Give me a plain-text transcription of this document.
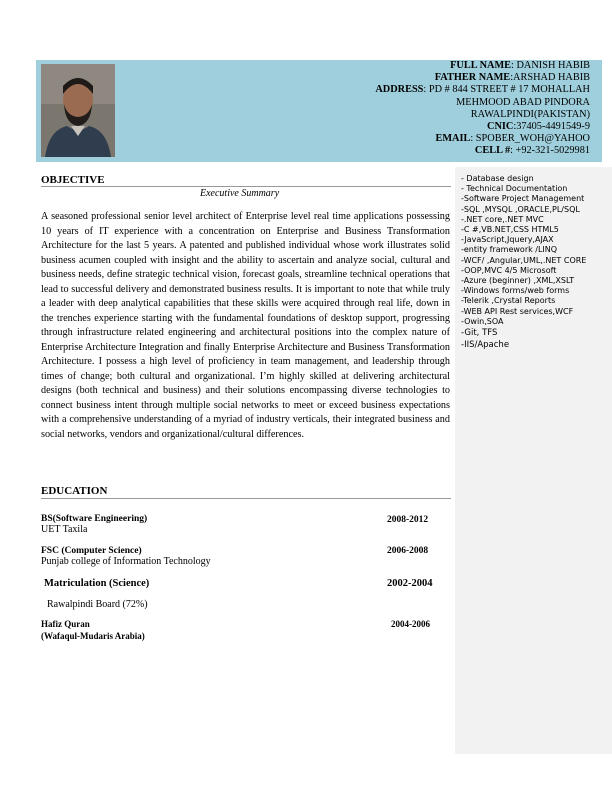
FULL NAME: DANISH HABIB
FATHER NAME:ARSHAD HABIB
ADDRESS: PD # 844 STREET # 17 MOHALLAH
MEHMOOD ABAD PINDORA
RAWALPINDI(PAKISTAN)
CNIC:37405-4491549-9
EMAIL: SPOBER_WOH@YAHOO
CELL #: +92-321-5029981
OBJECTIVE
Executive Summary
A seasoned professional senior level architect of Enterprise level real time applications possessing 10 years of IT experience with a concentration on Enterprise and Business Transformation Architecture for the last 5 years. A patented and published individual whose work illustrates solid business acumen coupled with insight and the ability to ascertain and analyze social, cultural and business needs, define strategic technical vision, forecast goals, streamline technical operations that lead to successful delivery and demonstrated business results. It is important to note that while truly a leader with deep analytical capabilities that these skills were acquired through real life, down in the trenches experience starting with the fundamental foundations of desktop support, progressing through infrastructure related engineering and architectural positions into the complex nature of Enterprise Architecture Integration and finally Enterprise Architecture and Business Transformation Architecture. I possess a high level of proficiency in team management, and leadership through times of change; both cultural and organizational. I’m highly skilled at delivering architectural designs (both technical and business) and their solutions encompassing diverse technologies to connect business intent through multiple social networks to meet or exceed business expectations with a comprehensive understanding of a myriad of industry verticals, their integrated business and social networks, vendors and organizational/cultural differences.
EDUCATION
BS(Software Engineering)
UET Taxila
2008-2012
FSC (Computer Science)
Punjab college of Information Technology
2006-2008
Matriculation (Science)
Rawalpindi Board (72%)
2002-2004
Hafiz Quran
(Wafaqul-Mudaris Arabia)
2004-2006
- Database design
- Technical Documentation
-Software Project Management
-SQL ,MYSQL ,ORACLE,PL/SQL
-.NET core,.NET MVC
-C #,VB.NET,CSS HTML5
-JavaScript,Jquery,AJAX
-entity framework /LINQ
-WCF/ ,Angular,UML,.NET CORE
-OOP,MVC 4/5 Microsoft
-Azure (beginner) ,XML,XSLT
-Windows forms/web forms
-Telerik ,Crystal Reports
-WEB API Rest services,WCF
-Owin,SOA
-Git, TFS
-IIS/Apache
